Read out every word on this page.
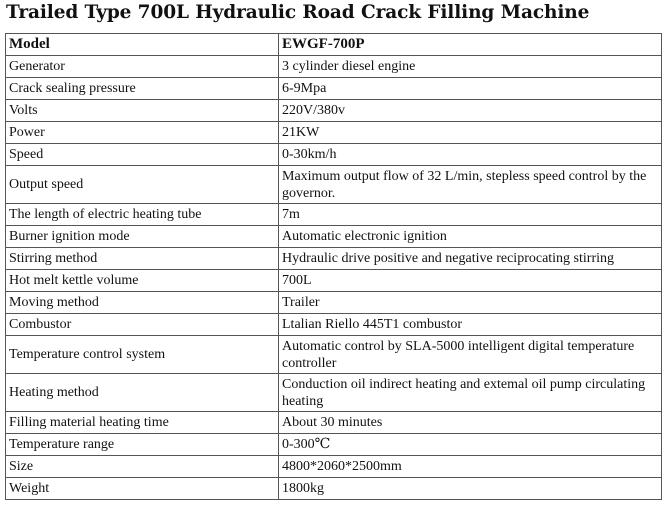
Trailed Type 700L Hydraulic Road Crack Filling Machine
Model	EWGF-700P
Generator	3 cylinder diesel engine
Crack sealing pressure	6-9Mpa
Volts	220V/380v
Power	21KW
Speed	0-30km/h
Output speed	Maximum output flow of 32 L/min, stepless speed control by the governor.
The length of electric heating tube	7m
Burner ignition mode	Automatic electronic ignition
Stirring method	Hydraulic drive positive and negative reciprocating stirring
Hot melt kettle volume	700L
Moving method	Trailer
Combustor	Ltalian Riello 445T1 combustor
Temperature control system	Automatic control by SLA-5000 intelligent digital temperature controller
Heating method	Conduction oil indirect heating and extemal oil pump circulating heating
Filling material heating time	About 30 minutes
Temperature range	0-300℃
Size	4800*2060*2500mm
Weight	1800kg
